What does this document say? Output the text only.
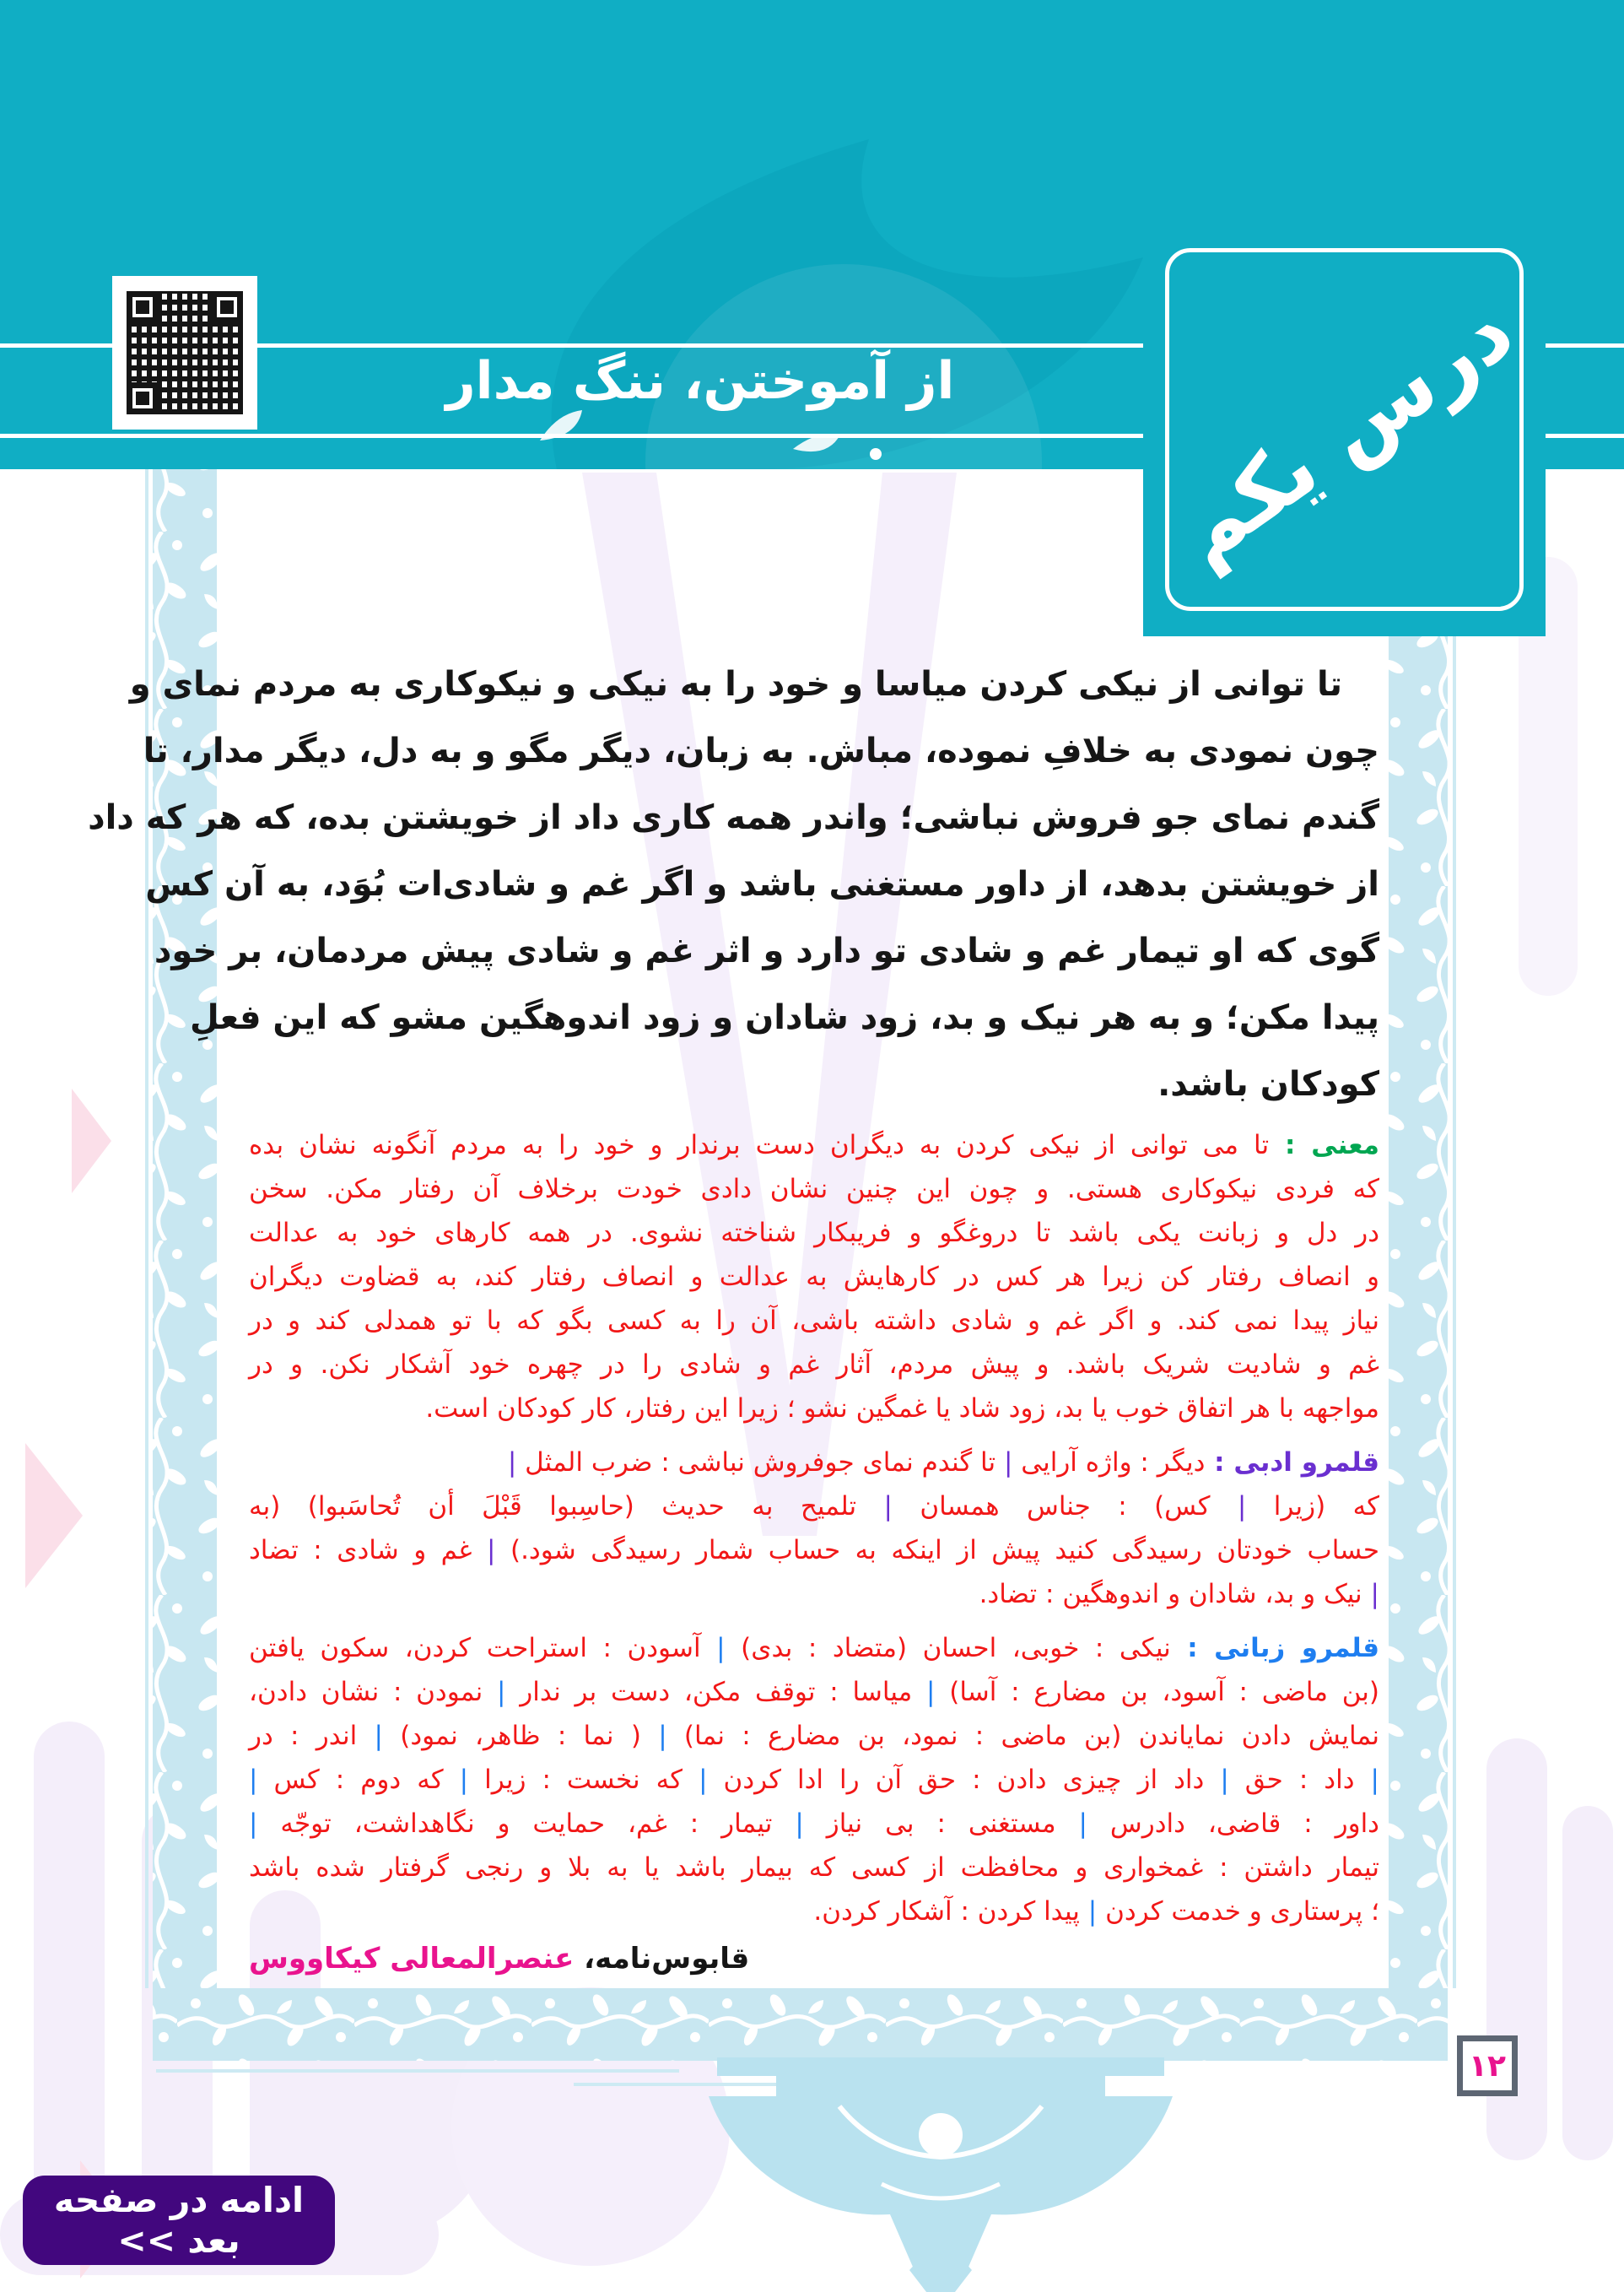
از آموختن، ننگ مدار	درس یکم
تا توانی از نیکی کردن میاسا و خود را به نیکی و نیکوکاری به مردم نمای و
چون نمودی به خلافِ نموده، مباش. به زبان، دیگر مگو و به دل، دیگر مدار، تا
گندم نمای جو فروش نباشی؛ واندر همه کاری داد از خویشتن بده، که هر که داد
از خویشتن بدهد، از داور مستغنی باشد و اگر غم و شادی‌ات بُوَد، به آن کس
گوی که او تیمار غم و شادی تو دارد و اثر غم و شادی پیش مردمان، بر خود
پیدا مکن؛ و به هر نیک و بد، زود شادان و زود اندوهگین مشو که این فعلِ
کودکان باشد.
معنی : تا می توانی از نیکی کردن به دیگران دست برندار و خود را به مردم آنگونه نشان بده
که فردی نیکوکاری هستی. و چون این چنین نشان دادی خودت برخلاف آن رفتار مکن. سخن
در دل و زبانت یکی باشد تا دروغگو و فریبکار شناخته نشوی. در همه کارهای خود به عدالت
و انصاف رفتار کن زیرا هر کس در کارهایش به عدالت و انصاف رفتار کند، به قضاوت دیگران
نیاز پیدا نمی کند. و اگر غم و شادی داشته باشی، آن را به کسی بگو که با تو همدلی کند و در
غم و شادیت شریک باشد. و پیش مردم، آثار غم و شادی را در چهره خود آشکار نکن. و در
مواجهه با هر اتفاق خوب یا بد، زود شاد یا غمگین نشو ؛ زیرا این رفتار، کار کودکان است.
قلمرو ادبی : دیگر : واژه آرایی | تا گندم نمای جوفروش نباشی : ضرب المثل |
که (زیرا | کس) : جناس همسان | تلمیح به حدیث (حاسِبوا قَبْلَ أن تُحاسَبوا) (به
حساب خودتان رسیدگی کنید پیش از اینکه به حساب شمار رسیدگی شود.) | غم و شادی : تضاد
| نیک و بد، شادان و اندوهگین : تضاد.
قلمرو زبانی : نیکی : خوبی، احسان (متضاد : بدی) | آسودن : استراحت کردن، سکون یافتن
(بن ماضی : آسود، بن مضارع : آسا) | میاسا : توقف مکن، دست بر ندار | نمودن : نشان دادن،
نمایش دادن نمایاندن (بن ماضی : نمود، بن مضارع : نما) | ( نما : ظاهر، نمود) | اندر : در
| داد : حق | داد از چیزی دادن : حق آن را ادا کردن | که نخست : زیرا | که دوم : کس |
داور : قاضی، دادرس | مستغنی : بی نیاز | تیمار : غم، حمایت و نگاهداشت، توجّه |
تیمار داشتن : غمخواری و محافظت از کسی که بیمار باشد یا به بلا و رنجی گرفتار شده باشد
؛ پرستاری و خدمت کردن | پیدا کردن : آشکار کردن.
قابوس‌نامه، عنصرالمعالی کیکاووس
۱۲
ادامه در صفحه بعد >>
